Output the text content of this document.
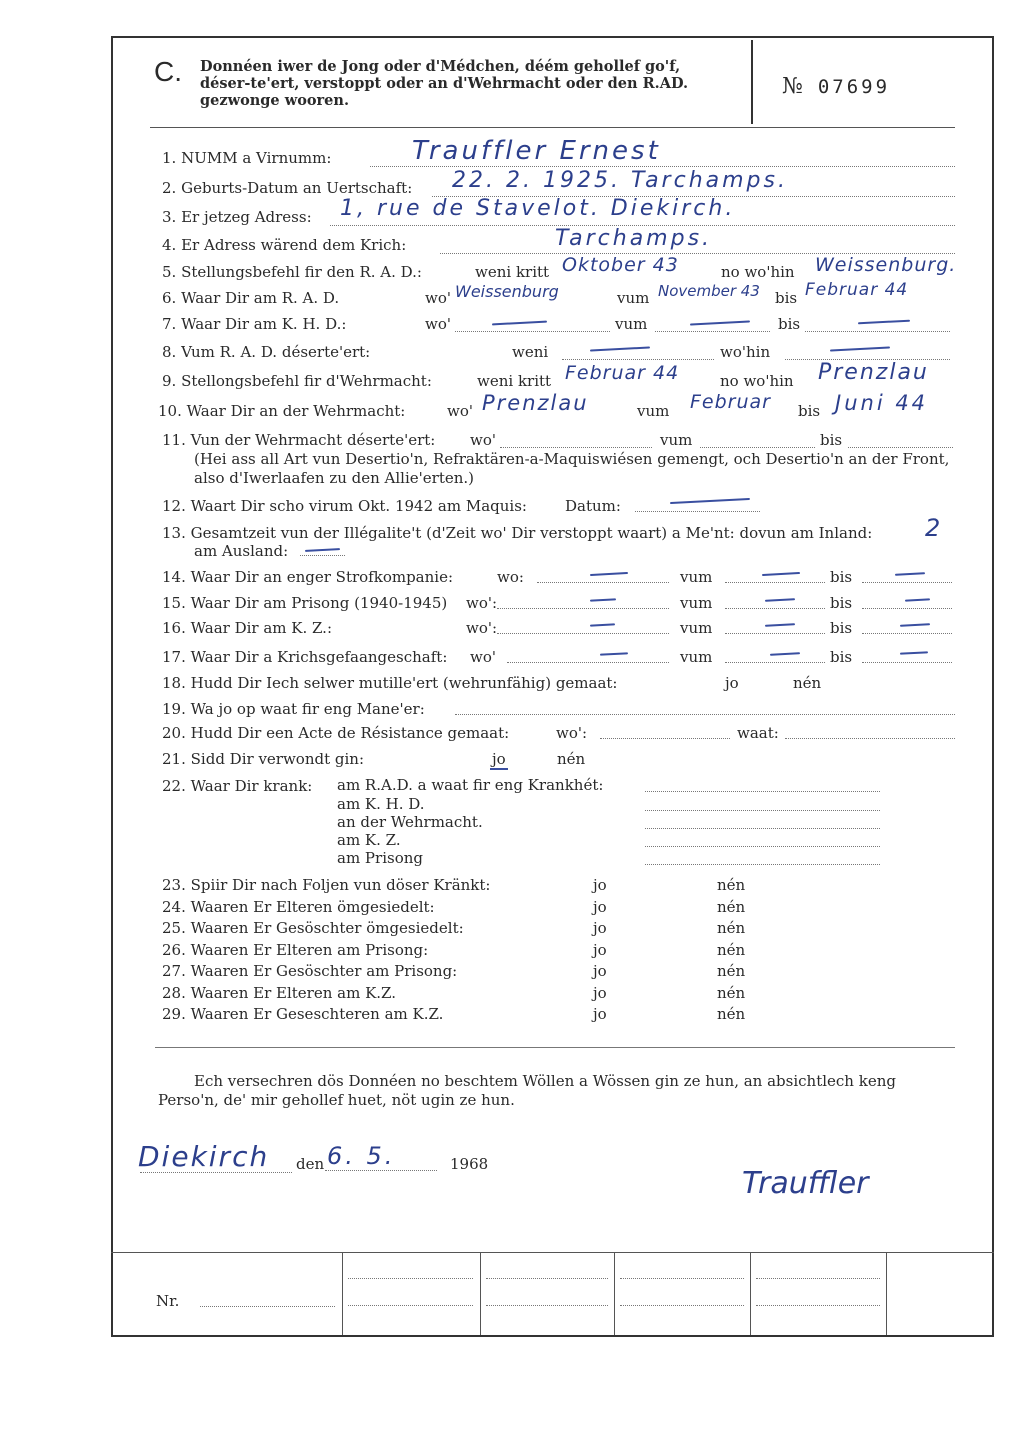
C. Donnéen iwer de Jong oder d'Médchen, déém gehollef go'f, déser-te'ert, verstoppt oder an d'Wehrmacht oder den R.AD. gezwonge wooren.
№ 07699
1. NUMM a Virnumm:	Trauffler Ernest
2. Geburts-Datum an Uertschaft: 22. 2. 1925. Tarchamps.
3. Er jetzeg Adress: 1, rue de Stavelot. Diekirch.
4. Er Adress wärend dem Krich:	Tarchamps.
5. Stellungsbefehl fir den R. A. D.:	weni kritt Oktober 43	no wo'hin Weissenburg.
6. Waar Dir am R. A. D.	wo' Weissenburg	vum November 43 bis Februar 44
7. Waar Dir am K. H. D.:	wo'	vum	bis
8. Vum R. A. D. déserte'ert:	weni	wo'hin
9. Stellongsbefehl fir d'Wehrmacht:	weni kritt Februar 44	no wo'hin Prenzlau
10. Waar Dir an der Wehrmacht:	wo' Prenzlau	vum Februar bis Juni 44
11. Vun der Wehrmacht déserte'ert: wo'	vum	bis
(Hei ass all Art vun Desertio'n, Refraktären-a-Maquiswiésen gemengt, och Desertio'n an der Front, also d'Iwerlaafen zu den Allie'erten.)
12. Waart Dir scho virum Okt. 1942 am Maquis:	Datum:
13. Gesamtzeit vun der Illégalite't (d'Zeit wo' Dir verstoppt waart) a Me'nt: dovun am Inland: 2
am Ausland:
14. Waar Dir an enger Strofkompanie:	wo:	vum	bis
15. Waar Dir am Prisong (1940-1945) wo':	vum	bis
16. Waar Dir am K. Z.:	wo':	vum	bis
17. Waar Dir a Krichsgefaangeschaft: wo'	vum	bis
18. Hudd Dir Iech selwer mutille'ert (wehrunfähig) gemaat:	jo	nén
19. Wa jo op waat fir eng Mane'er:
20. Hudd Dir een Acte de Résistance gemaat:	wo':	waat:
21. Sidd Dir verwondt gin:	jo	nén
22. Waar Dir krank: am R.A.D. a waat fir eng Krankhét:
am K. H. D.
an der Wehrmacht.
am K. Z.
am Prisong
23. Spiir Dir nach Foljen vun döser Kränkt:	jo	nén
24. Waaren Er Elteren ömgesiedelt:	jo	nén
25. Waaren Er Gesöschter ömgesiedelt:	jo	nén
26. Waaren Er Elteren am Prisong:	jo	nén
27. Waaren Er Gesöschter am Prisong:	jo	nén
28. Waaren Er Elteren am K.Z.	jo	nén
29. Waaren Er Geseschteren am K.Z.	jo	nén
Ech versechren dös Donnéen no beschtem Wöllen a Wössen gin ze hun, an absichtlech keng Perso'n, de' mir gehollef huet, nöt ugin ze hun.
Diekirch den 6. 5.	1968
Trauffler
Nr.
